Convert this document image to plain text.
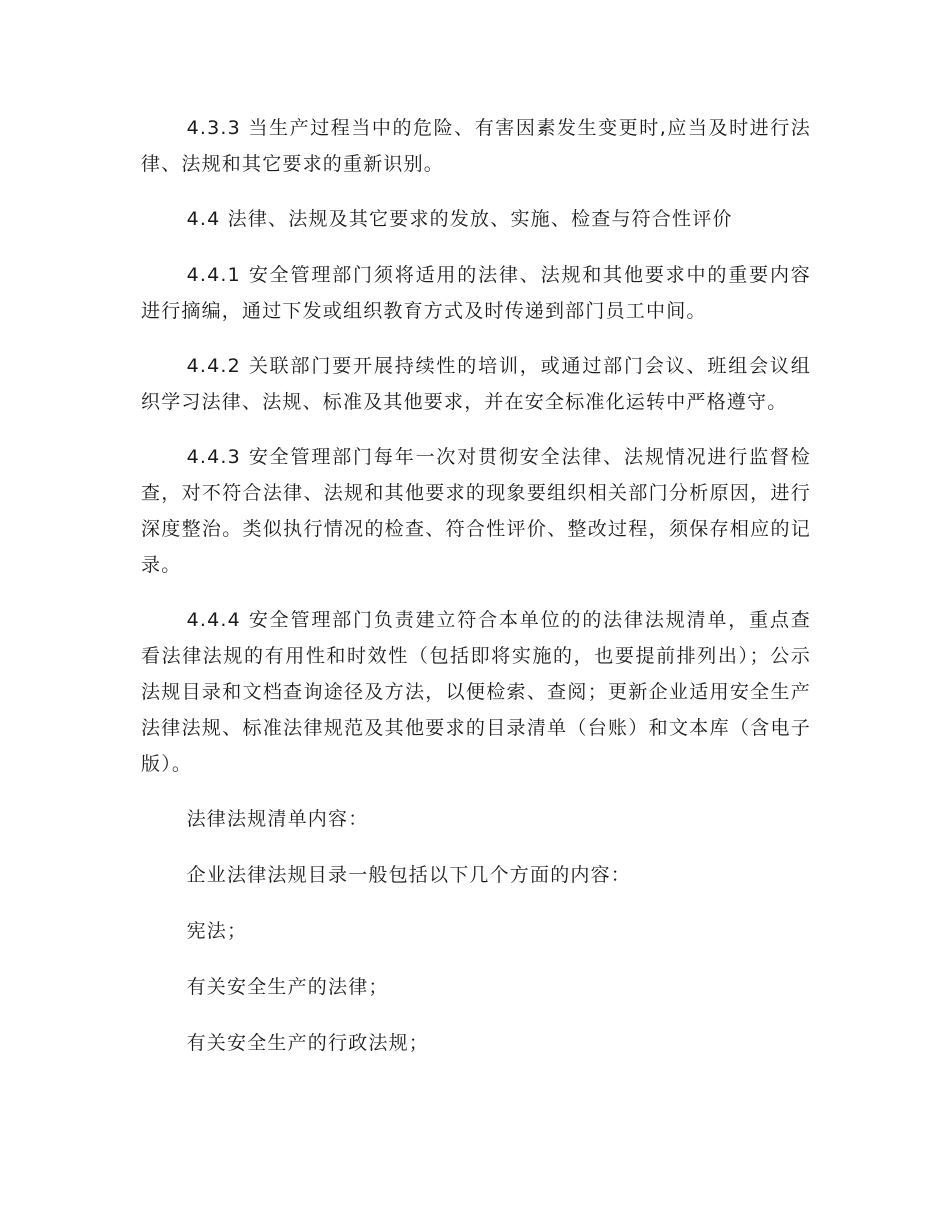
4.3.3 当生产过程当中的危险、有害因素发生变更时,应当及时进行法律、法规和其它要求的重新识别。

4.4 法律、法规及其它要求的发放、实施、检查与符合性评价

4.4.1 安全管理部门须将适用的法律、法规和其他要求中的重要内容进行摘编，通过下发或组织教育方式及时传递到部门员工中间。

4.4.2 关联部门要开展持续性的培训，或通过部门会议、班组会议组织学习法律、法规、标准及其他要求，并在安全标准化运转中严格遵守。

4.4.3 安全管理部门每年一次对贯彻安全法律、法规情况进行监督检查，对不符合法律、法规和其他要求的现象要组织相关部门分析原因，进行深度整治。类似执行情况的检查、符合性评价、整改过程，须保存相应的记录。

4.4.4 安全管理部门负责建立符合本单位的的法律法规清单，重点查看法律法规的有用性和时效性（包括即将实施的，也要提前排列出）；公示法规目录和文档查询途径及方法，以便检索、查阅；更新企业适用安全生产法律法规、标准法律规范及其他要求的目录清单（台账）和文本库（含电子版）。

法律法规清单内容：

企业法律法规目录一般包括以下几个方面的内容：

宪法；

有关安全生产的法律；

有关安全生产的行政法规；
